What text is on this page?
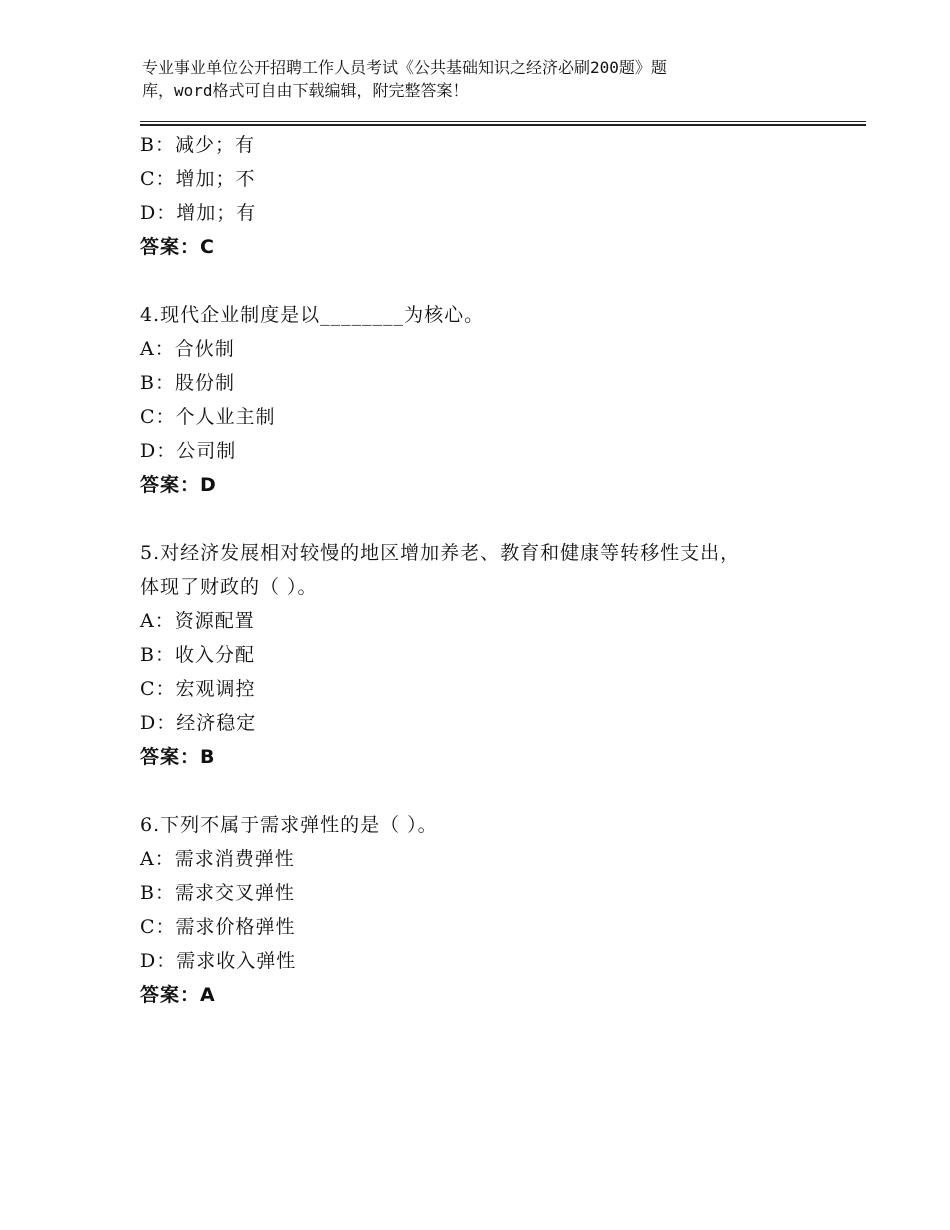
专业事业单位公开招聘工作人员考试《公共基础知识之经济必刷200题》题
库，word格式可自由下载编辑，附完整答案！
B：减少；有
C：增加；不
D：增加；有
答案：C
4.现代企业制度是以________为核心。
A：合伙制
B：股份制
C：个人业主制
D：公司制
答案：D
5.对经济发展相对较慢的地区增加养老、教育和健康等转移性支出，
体现了财政的（ ）。
A：资源配置
B：收入分配
C：宏观调控
D：经济稳定
答案：B
6.下列不属于需求弹性的是（ ）。
A：需求消费弹性
B：需求交叉弹性
C：需求价格弹性
D：需求收入弹性
答案：A
